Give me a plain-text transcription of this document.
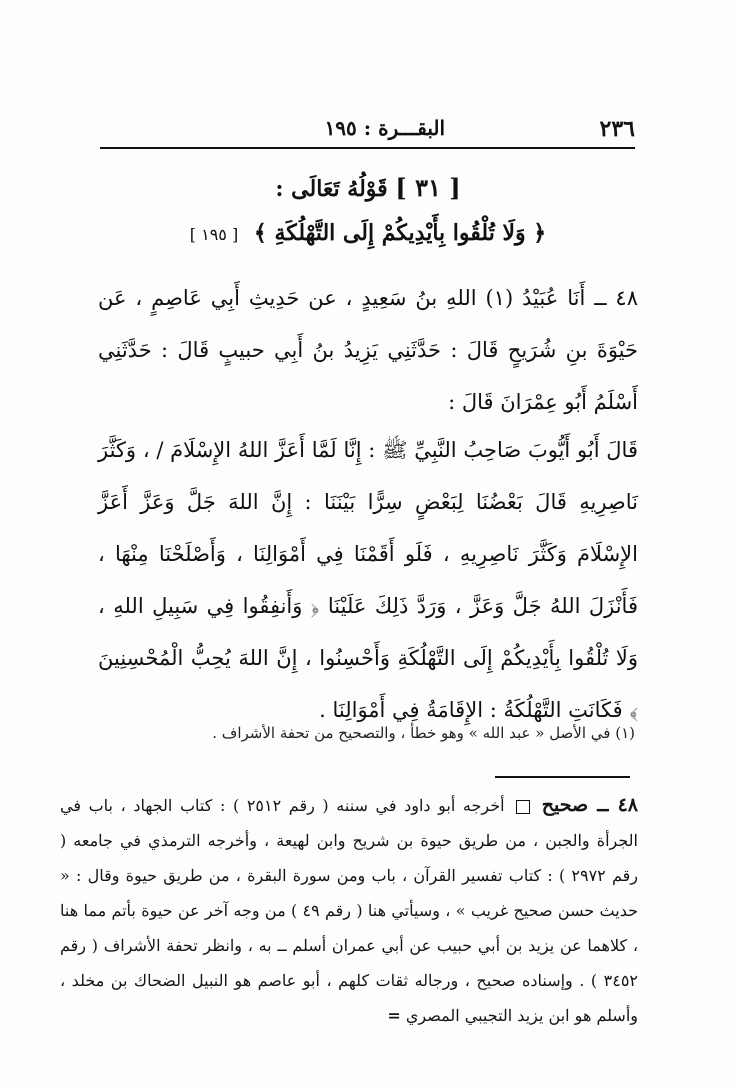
٢٣٦
البقـــرة : ١٩٥
[ ٣١ ] قَوْلُهُ تَعَالَى :
﴿ وَلَا تُلْقُوا بِأَيْدِيكُمْ إِلَى التَّهْلُكَةِ ﴾ [ ١٩٥ ]
٤٨ ــ أَنَا عُبَيْدُ (١) اللهِ بنُ سَعِيدٍ ، عن حَدِيثِ أَبِي عَاصِمٍ ، عَن حَيْوَةَ بنِ شُرَيحٍ قَالَ : حَدَّثَنِي يَزِيدُ بنُ أَبِي حبيبٍ قَالَ : حَدَّثَنِي أَسْلَمُ أَبُو عِمْرَانَ قَالَ :
قَالَ أَبُو أَيُّوبَ صَاحِبُ النَّبِيِّ ﷺ : إِنَّا لَمَّا أَعَزَّ اللهُ الإِسْلَامَ / ، وَكَثَّرَ نَاصِرِيهِ قَالَ بَعْضُنَا لِبَعْضٍ سِرًّا بَيْنَنَا : إِنَّ اللهَ جَلَّ وَعَزَّ أَعَزَّ الإِسْلَامَ وَكَثَّرَ نَاصِرِيهِ ، فَلَو أَقَمْنَا فِي أَمْوَالِنَا ، وَأَصْلَحْنَا مِنْهَا ، فَأَنْزَلَ اللهُ جَلَّ وَعَزَّ ، وَرَدَّ ذَلِكَ عَلَيْنَا ﴿ وَأَنفِقُوا فِي سَبِيلِ اللهِ ، وَلَا تُلْقُوا بِأَيْدِيكُمْ إِلَى التَّهْلُكَةِ وَأَحْسِنُوا ، إِنَّ اللهَ يُحِبُّ الْمُحْسِنِينَ ﴾ فَكَانَتِ التَّهْلُكَةُ : الإِقَامَةُ فِي أَمْوَالِنَا .
(١) في الأصل « عبد الله » وهو خطأ ، والتصحيح من تحفة الأشراف .
٤٨ ــ صحيح  أخرجه أبو داود في سننه ( رقم ٢٥١٢ ) : كتاب الجهاد ، باب في الجرأة والجبن ، من طريق حيوة بن شريح وابن لهيعة ، وأخرجه الترمذي في جامعه ( رقم ٢٩٧٢ ) : كتاب تفسير القرآن ، باب ومن سورة البقرة ، من طريق حيوة وقال : « حديث حسن صحيح غريب » ، وسيأتي هنا ( رقم ٤٩ ) من وجه آخر عن حيوة بأتم مما هنا ، كلاهما عن يزيد بن أبي حبيب عن أبي عمران أسلم ــ به ، وانظر تحفة الأشراف ( رقم ٣٤٥٢ ) . وإسناده صحيح ، ورجاله ثقات كلهم ، أبو عاصم هو النبيل الضحاك بن مخلد ، وأسلم هو ابن يزيد التجيبي المصري =
